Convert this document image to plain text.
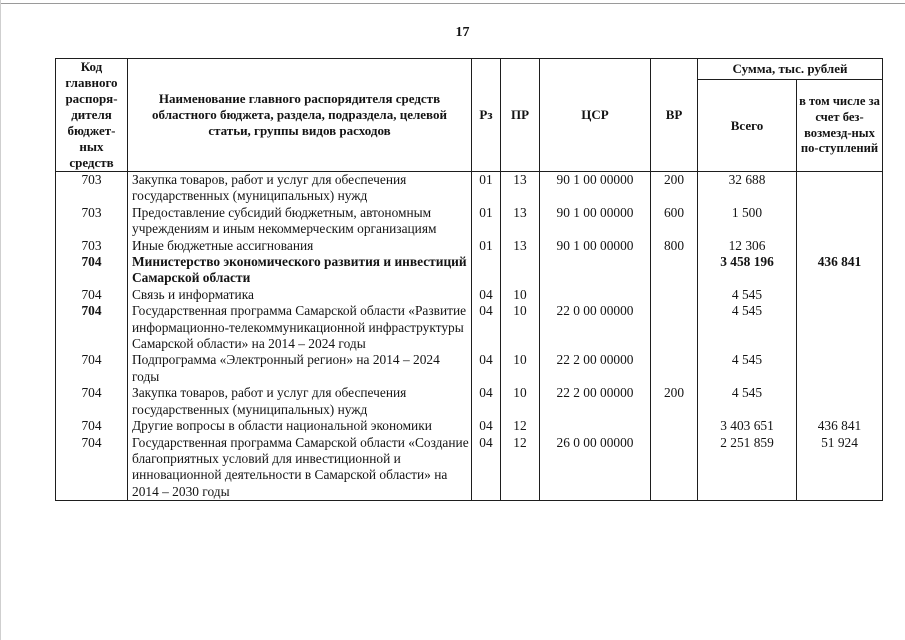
17
Код главного распоря-дителя бюджет-ных средств	Наименование главного распорядителя средств областного бюджета, раздела, подраздела, целевой статьи, группы видов расходов	Рз	ПР	ЦСР	ВР	Сумма, тыс. рублей	
						Всего	в том числе за счет без-возмезд-ных по-ступлений
703	Закупка товаров, работ и услуг для обеспечения государственных (муниципальных) нужд	01	13	90 1 00 00000	200	32 688	
703	Предоставление субсидий бюджетным, автономным учреждениям и иным некоммерческим организациям	01	13	90 1 00 00000	600	1 500	
703	Иные бюджетные ассигнования	01	13	90 1 00 00000	800	12 306	
704	Министерство экономического развития и инвестиций Самарской области					3 458 196	436 841
704	Связь и информатика	04	10			4 545	
704	Государственная программа Самарской области «Развитие информационно-телекоммуникационной инфраструктуры Самарской области» на 2014 – 2024 годы	04	10	22 0 00 00000		4 545	
704	Подпрограмма «Электронный регион» на 2014 – 2024 годы	04	10	22 2 00 00000		4 545	
704	Закупка товаров, работ и услуг для обеспечения государственных (муниципальных) нужд	04	10	22 2 00 00000	200	4 545	
704	Другие вопросы в области национальной экономики	04	12			3 403 651	436 841
704	Государственная программа Самарской области «Создание благоприятных условий для инвестиционной и инновационной деятельности в Самарской области» на 2014 – 2030 годы	04	12	26 0 00 00000		2 251 859	51 924
